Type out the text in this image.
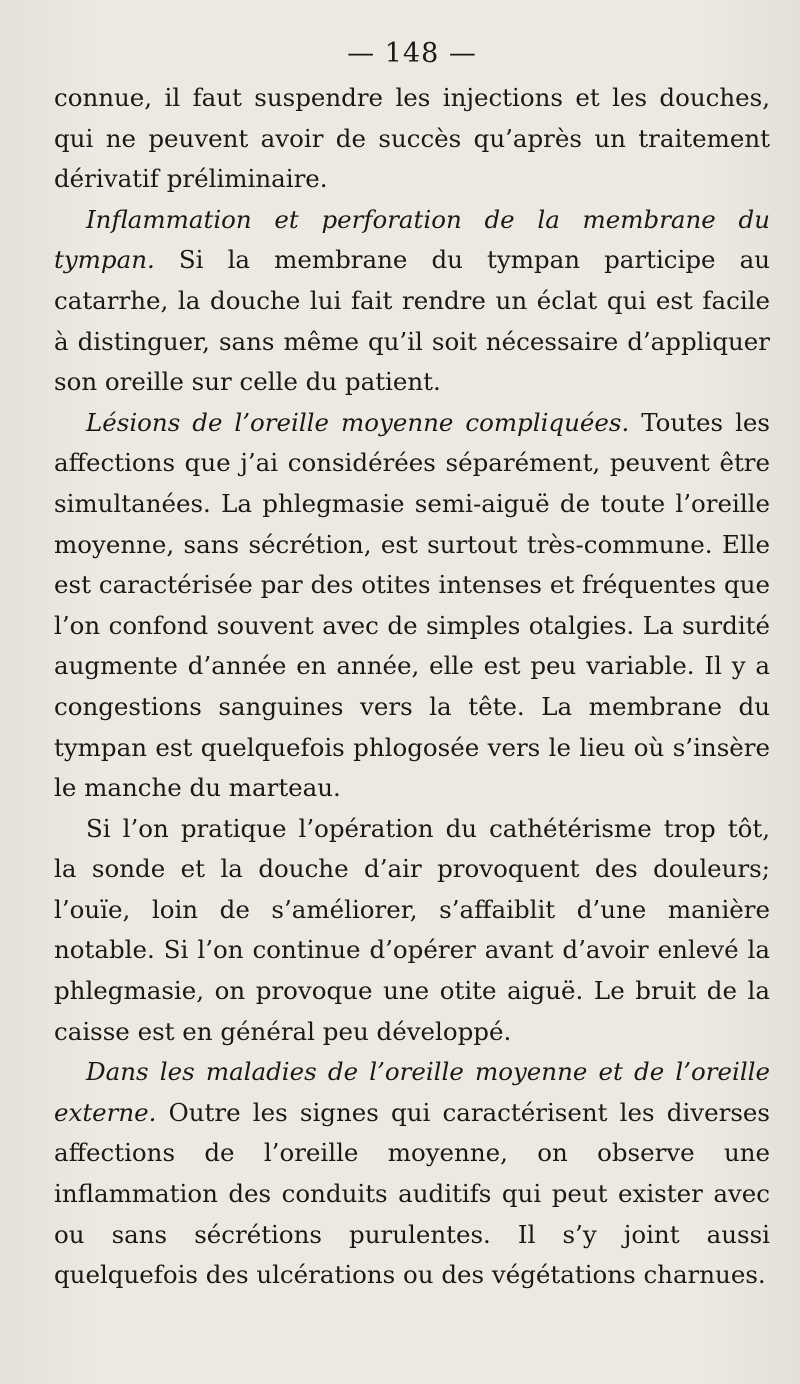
— 148 —

connue, il faut suspendre les injections et les douches, qui ne peuvent avoir de succès qu’après un traitement dérivatif préliminaire.

Inflammation et perforation de la membrane du tympan. Si la membrane du tympan participe au catarrhe, la douche lui fait rendre un éclat qui est facile à distinguer, sans même qu’il soit nécessaire d’appliquer son oreille sur celle du patient.

Lésions de l’oreille moyenne compliquées. Toutes les affections que j’ai considérées séparément, peuvent être simultanées. La phlegmasie semi-aiguë de toute l’oreille moyenne, sans sécrétion, est surtout très-commune. Elle est caractérisée par des otites intenses et fréquentes que l’on confond souvent avec de simples otalgies. La surdité augmente d’année en année, elle est peu variable. Il y a congestions sanguines vers la tête. La membrane du tympan est quelquefois phlogosée vers le lieu où s’insère le manche du marteau.

Si l’on pratique l’opération du cathétérisme trop tôt, la sonde et la douche d’air provoquent des douleurs; l’ouïe, loin de s’améliorer, s’affaiblit d’une manière notable. Si l’on continue d’opérer avant d’avoir enlevé la phlegmasie, on provoque une otite aiguë. Le bruit de la caisse est en général peu développé.

Dans les maladies de l’oreille moyenne et de l’oreille externe. Outre les signes qui caractérisent les diverses affections de l’oreille moyenne, on observe une inflammation des conduits auditifs qui peut exister avec ou sans sécrétions purulentes. Il s’y joint aussi quelquefois des ulcérations ou des végétations charnues.
